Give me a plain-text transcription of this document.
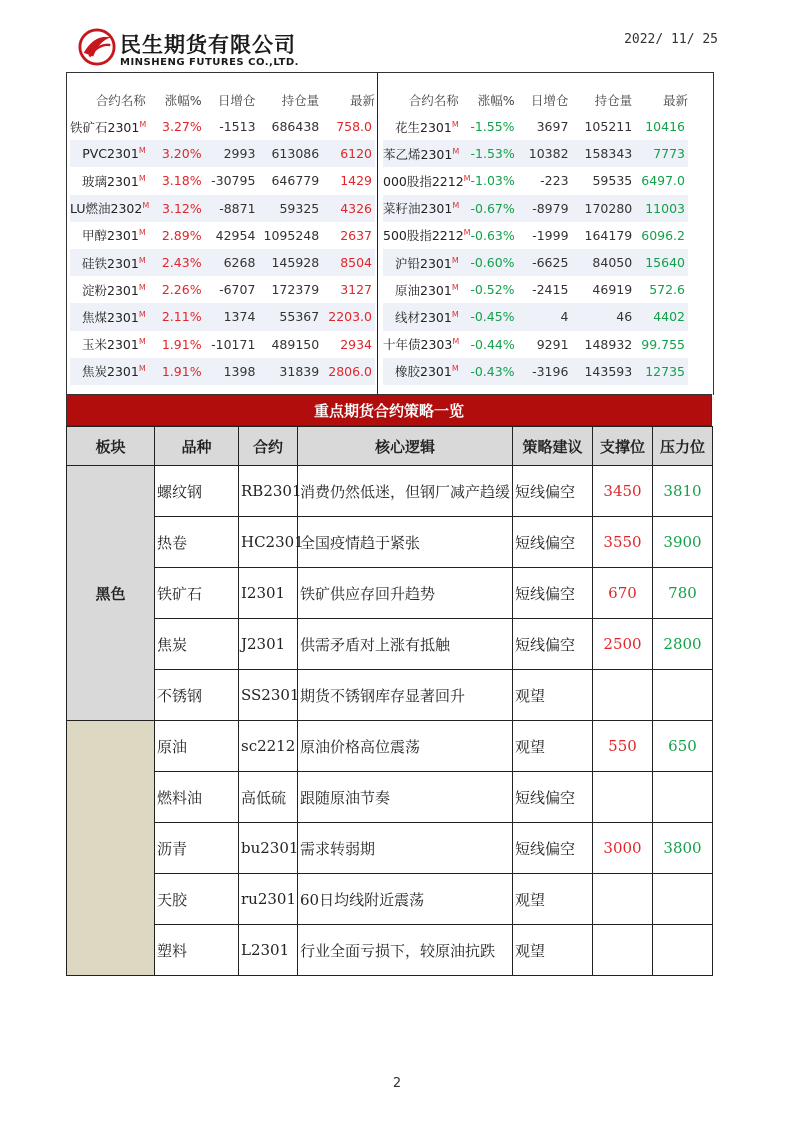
民生期货有限公司
MINSHENG FUTURES CO.,LTD.
2022/ 11/ 25
合约名称	涨幅%	日增仓	持仓量	最新
铁矿石$2301^M$	3.27%	-1513	686438	758.0
$PVC2301^M$	3.20%	2993	613086	6120
玻璃$2301^M$	3.18% -30795	646779	1429
LU燃油$2302^M$	3.12%	-8871	59325	4326
甲醇$2301^M$	2.89%	42954 1095248	2637
硅铁$2301^M$	2.43%	6268	145928	8504
淀粉$2301^M$	2.26%	-6707	172379	3127
焦煤$2301^M$	2.11%	1374	55367 2203.0
玉米$2301^M$	1.91% -10171	489150	2934
焦炭$2301^M$	1.91%	1398	31839 2806.0
合约名称	涨幅%	日增仓	持仓量	最新
花生$2301^M$ -1.55%	3697	105211	10416
苯乙烯$2301^M$ -1.53%	10382	158343	7773
000股指$2212^M$ -1.03%	-223	59535 6497.0
菜籽油$2301^M$ -0.67%	-8979	170280	11003
500股指$2212^M$ -0.63%	-1999	164179 6096.2
沪铅$2301^M$ -0.60%	-6625	84050	15640
原油$2301^M$ -0.52%	-2415	46919	572.6
线材$2301^M$ -0.45%	4	46	4402
十年债$2303^M$ -0.44%	9291	148932 99.755
橡胶$2301^M$ -0.43%	-3196	143593	12735
重点期货合约策略一览
板块	品种	合约	核心逻辑	策略建议	支撑位	压力位
黑色	螺纹钢	RB2301	消费仍然低迷，但钢厂减产趋缓	短线偏空	3450	3810
	热卷	HC2301	全国疫情趋于紧张	短线偏空	3550	3900
	铁矿石	I2301	铁矿供应存回升趋势	短线偏空	670	780
	焦炭	J2301	供需矛盾对上涨有抵触	短线偏空	2500	2800
	不锈钢	SS2301	期货不锈钢库存显著回升	观望		
	原油	sc2212	原油价格高位震荡	观望	550	650
	燃料油	高低硫	跟随原油节奏	短线偏空		
	沥青	bu2301	需求转弱期	短线偏空	3000	3800
	天胶	ru2301	60日均线附近震荡	观望		
	塑料	L2301	行业全面亏损下，较原油抗跌	观望		
2
